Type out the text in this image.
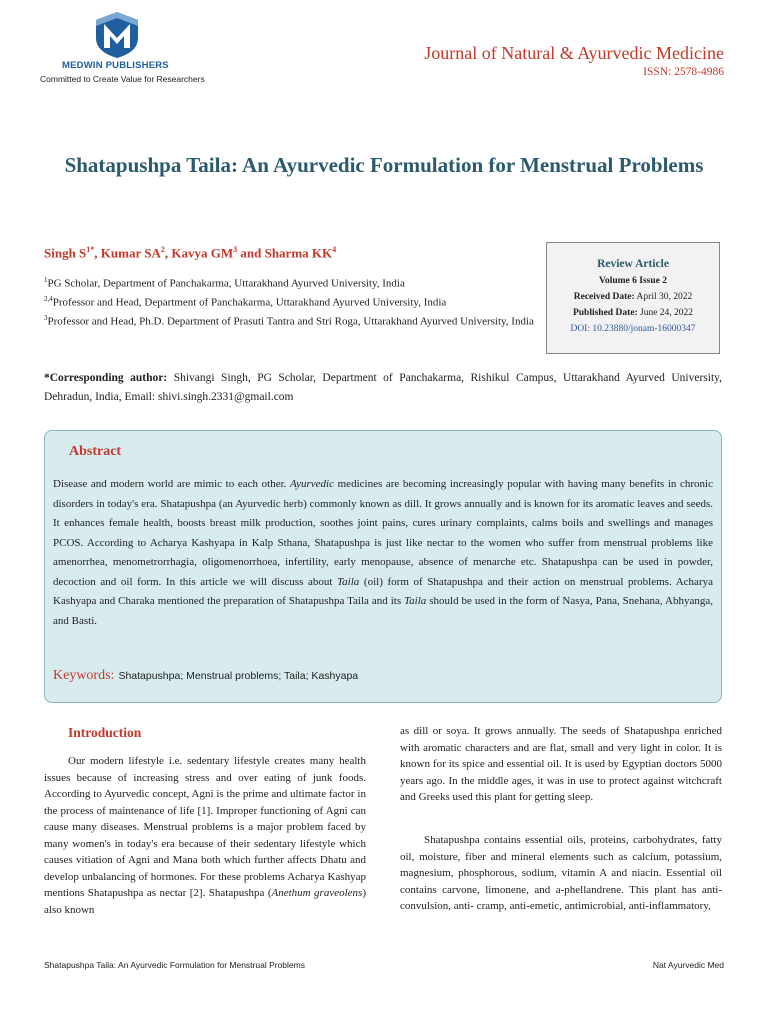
MEDWIN PUBLISHERS
Committed to Create Value for Researchers
Journal of Natural & Ayurvedic Medicine
ISSN: 2578-4986
Shatapushpa Taila: An Ayurvedic Formulation for Menstrual Problems
Singh $S^{1*}$, Kumar $SA^2$, Kavya $GM^3$ and Sharma $KK^4$
$^1$PG Scholar, Department of Panchakarma, Uttarakhand Ayurved University, India
$^{2,4}$Professor and Head, Department of Panchakarma, Uttarakhand Ayurved University, India
$^3$Professor and Head, Ph.D. Department of Prasuti Tantra and Stri Roga, Uttarakhand Ayurved University, India
Review Article
Volume 6 Issue 2
Received Date: April 30, 2022
Published Date: June 24, 2022
DOI: 10.23880/jonam-16000347
*Corresponding author: Shivangi Singh, PG Scholar, Department of Panchakarma, Rishikul Campus, Uttarakhand Ayurved University, Dehradun, India, Email: shivi.singh.2331@gmail.com
Abstract

Disease and modern world are mimic to each other. Ayurvedic medicines are becoming increasingly popular with having many benefits in chronic disorders in today's era. Shatapushpa (an Ayurvedic herb) commonly known as dill. It grows annually and is known for its aromatic leaves and seeds. It enhances female health, boosts breast milk production, soothes joint pains, cures urinary complaints, calms boils and swellings and manages PCOS. According to Acharya Kashyapa in Kalp Sthana, Shatapushpa is just like nectar to the women who suffer from menstrual problems like amenorrhea, menometrorrhagia, oligomenorrhoea, infertility, early menopause, absence of menarche etc. Shatapushpa can be used in powder, decoction and oil form. In this article we will discuss about Taila (oil) form of Shatapushpa and their action on menstrual problems. Acharya Kashyapa and Charaka mentioned the preparation of Shatapushpa Taila and its Taila should be used in the form of Nasya, Pana, Snehana, Abhyanga, and Basti.

Keywords: Shatapushpa; Menstrual problems; Taila; Kashyapa
Introduction

Our modern lifestyle i.e. sedentary lifestyle creates many health issues because of increasing stress and over eating of junk foods. According to Ayurvedic concept, Agni is the prime and ultimate factor in the process of maintenance of life [1]. Improper functioning of Agni can cause many diseases. Menstrual problems is a major problem faced by many women's in today's era because of their sedentary lifestyle which causes vitiation of Agni and Mana both which further affects Dhatu and develop unbalancing of hormones. For these problems Acharya Kashyap mentions Shatapushpa as nectar [2]. Shatapushpa (Anethum graveolens) also known

as dill or soya. It grows annually. The seeds of Shatapushpa enriched with aromatic characters and are flat, small and very light in color. It is known for its spice and essential oil. It is used by Egyptian doctors 5000 years ago. In the middle ages, it was in use to protect against witchcraft and Greeks used this plant for getting sleep.

Shatapushpa contains essential oils, proteins, carbohydrates, fatty oil, moisture, fiber and mineral elements such as calcium, potassium, magnesium, phosphorous, sodium, vitamin A and niacin. Essential oil contains carvone, limonene, and a-phellandrene. This plant has anti-convulsion, anti- cramp, anti-emetic, antimicrobial, anti-inflammatory,

Shatapushpa Taila: An Ayurvedic Formulation for Menstrual Problems	Nat Ayurvedic Med
